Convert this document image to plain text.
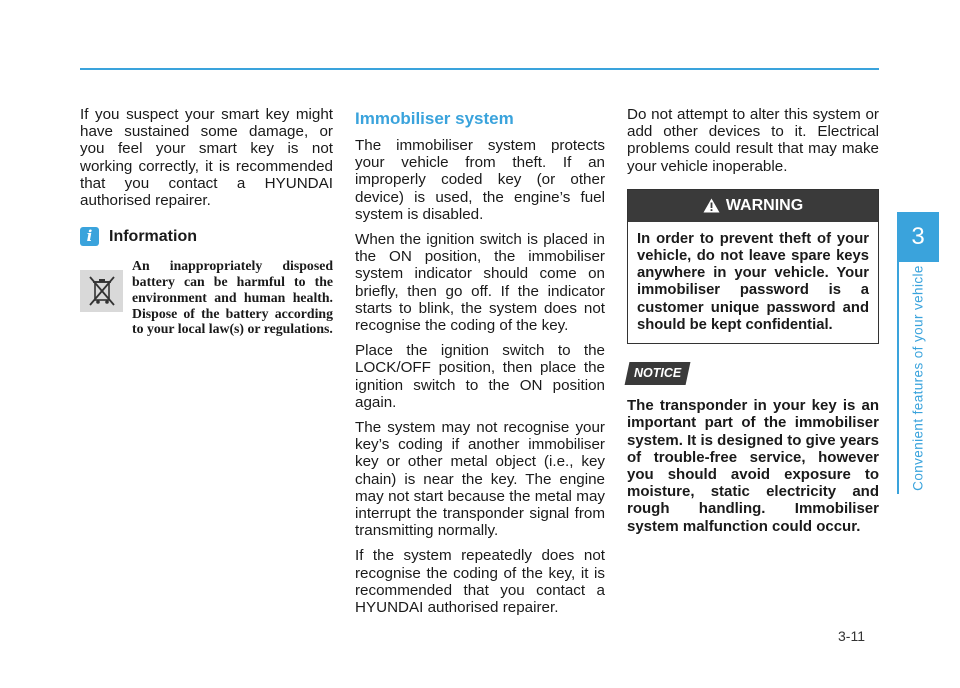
If you suspect your smart key might have sustained some damage, or you feel your smart key is not working correctly, it is recommended that you contact a HYUNDAI authorised repairer.

i	Information
An inappropriately disposed battery can be harmful to the environment and human health. Dispose of the battery according to your local law(s) or regulations.
Immobiliser system

The immobiliser system protects your vehicle from theft. If an improperly coded key (or other device) is used, the engine’s fuel system is disabled.

When the ignition switch is placed in the ON position, the immobiliser system indicator should come on briefly, then go off. If the indicator starts to blink, the system does not recognise the coding of the key.

Place the ignition switch to the LOCK/OFF position, then place the ignition switch to the ON position again.

The system may not recognise your key’s coding if another immobiliser key or other metal object (i.e., key chain) is near the key. The engine may not start because the metal may interrupt the transponder signal from transmitting normally.

If the system repeatedly does not recognise the coding of the key, it is recommended that you contact a HYUNDAI authorised repairer.

Do not attempt to alter this system or add other devices to it. Electrical problems could result that may make your vehicle inoperable.

WARNING
In order to prevent theft of your vehicle, do not leave spare keys anywhere in your vehicle. Your immobiliser password is a customer unique password and should be kept confidential.
NOTICE

The transponder in your key is an important part of the immobiliser system. It is designed to give years of trouble-free service, however you should avoid exposure to moisture, static electricity and rough handling. Immobiliser system malfunction could occur.

3
Convenient features of your vehicle
3-11
